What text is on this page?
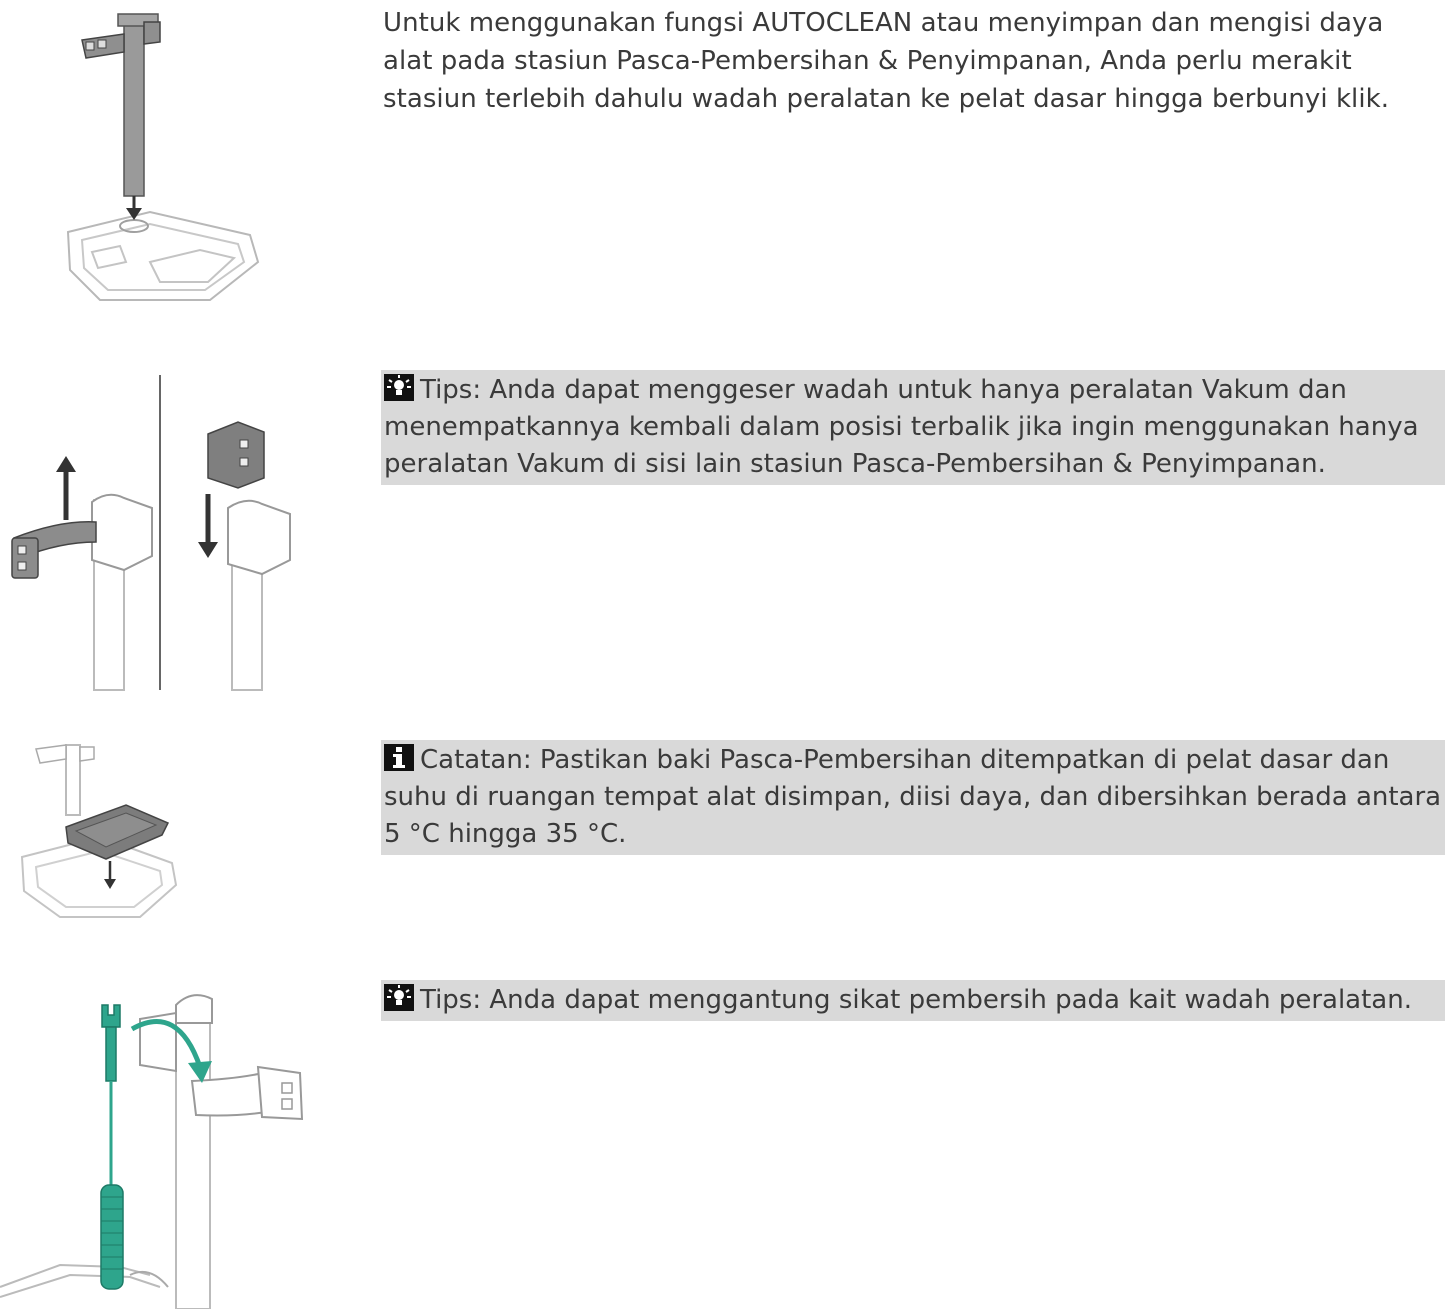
Untuk menggunakan fungsi AUTOCLEAN atau menyimpan dan mengisi daya alat pada stasiun Pasca-Pembersihan & Penyimpanan, Anda perlu merakit stasiun terlebih dahulu wadah peralatan ke pelat dasar hingga berbunyi klik.

Tips: Anda dapat menggeser wadah untuk hanya peralatan Vakum dan menempatkannya kembali dalam posisi terbalik jika ingin menggunakan hanya peralatan Vakum di sisi lain stasiun Pasca-Pembersihan & Penyimpanan.
Catatan: Pastikan baki Pasca-Pembersihan ditempatkan di pelat dasar dan suhu di ruangan tempat alat disimpan, diisi daya, dan dibersihkan berada antara 5 °C hingga 35 °C.
Tips: Anda dapat menggantung sikat pembersih pada kait wadah peralatan.
